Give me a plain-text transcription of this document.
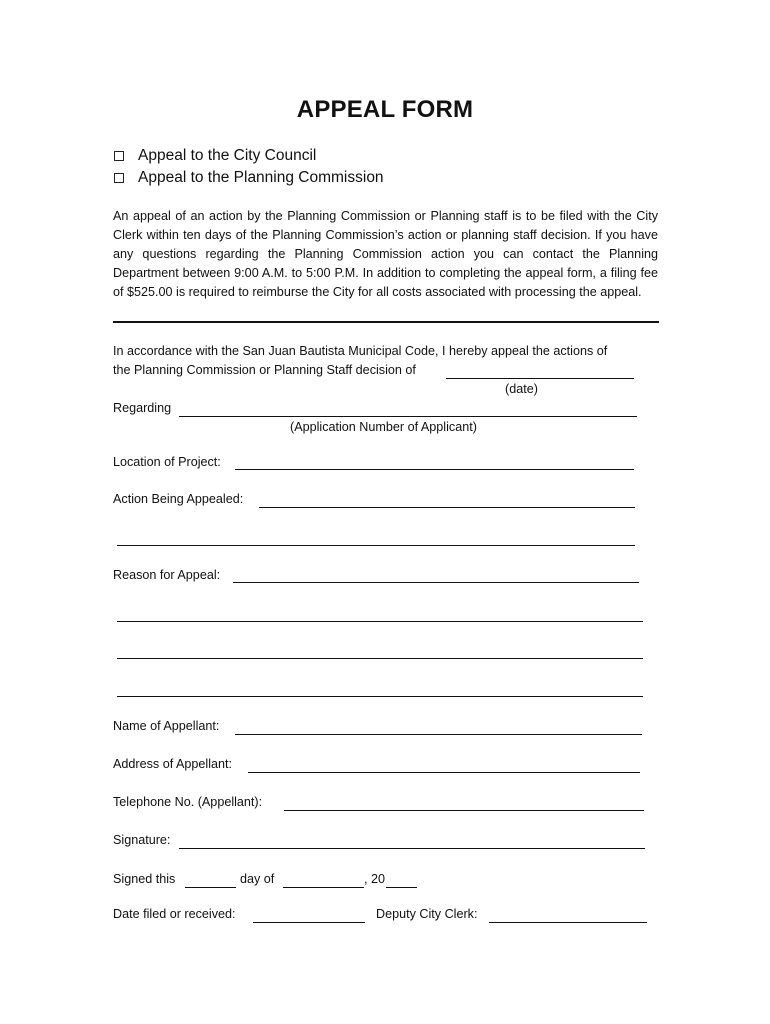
APPEAL FORM
Appeal to the City Council
Appeal to the Planning Commission
An appeal of an action by the Planning Commission or Planning staff is to be filed with the City Clerk within ten days of the Planning Commission’s action or planning staff decision. If you have any questions regarding the Planning Commission action you can contact the Planning Department between 9:00 A.M. to 5:00 P.M. In addition to completing the appeal form, a filing fee of $525.00 is required to reimburse the City for all costs associated with processing the appeal.
In accordance with the San Juan Bautista Municipal Code, I hereby appeal the actions of
the Planning Commission or Planning Staff decision of
(date)
Regarding
(Application Number of Applicant)
Location of Project:
Action Being Appealed:
Reason for Appeal:
Name of Appellant:
Address of Appellant:
Telephone No. (Appellant):
Signature:
Signed this	day of	, 20
Date filed or received:	Deputy City Clerk:
